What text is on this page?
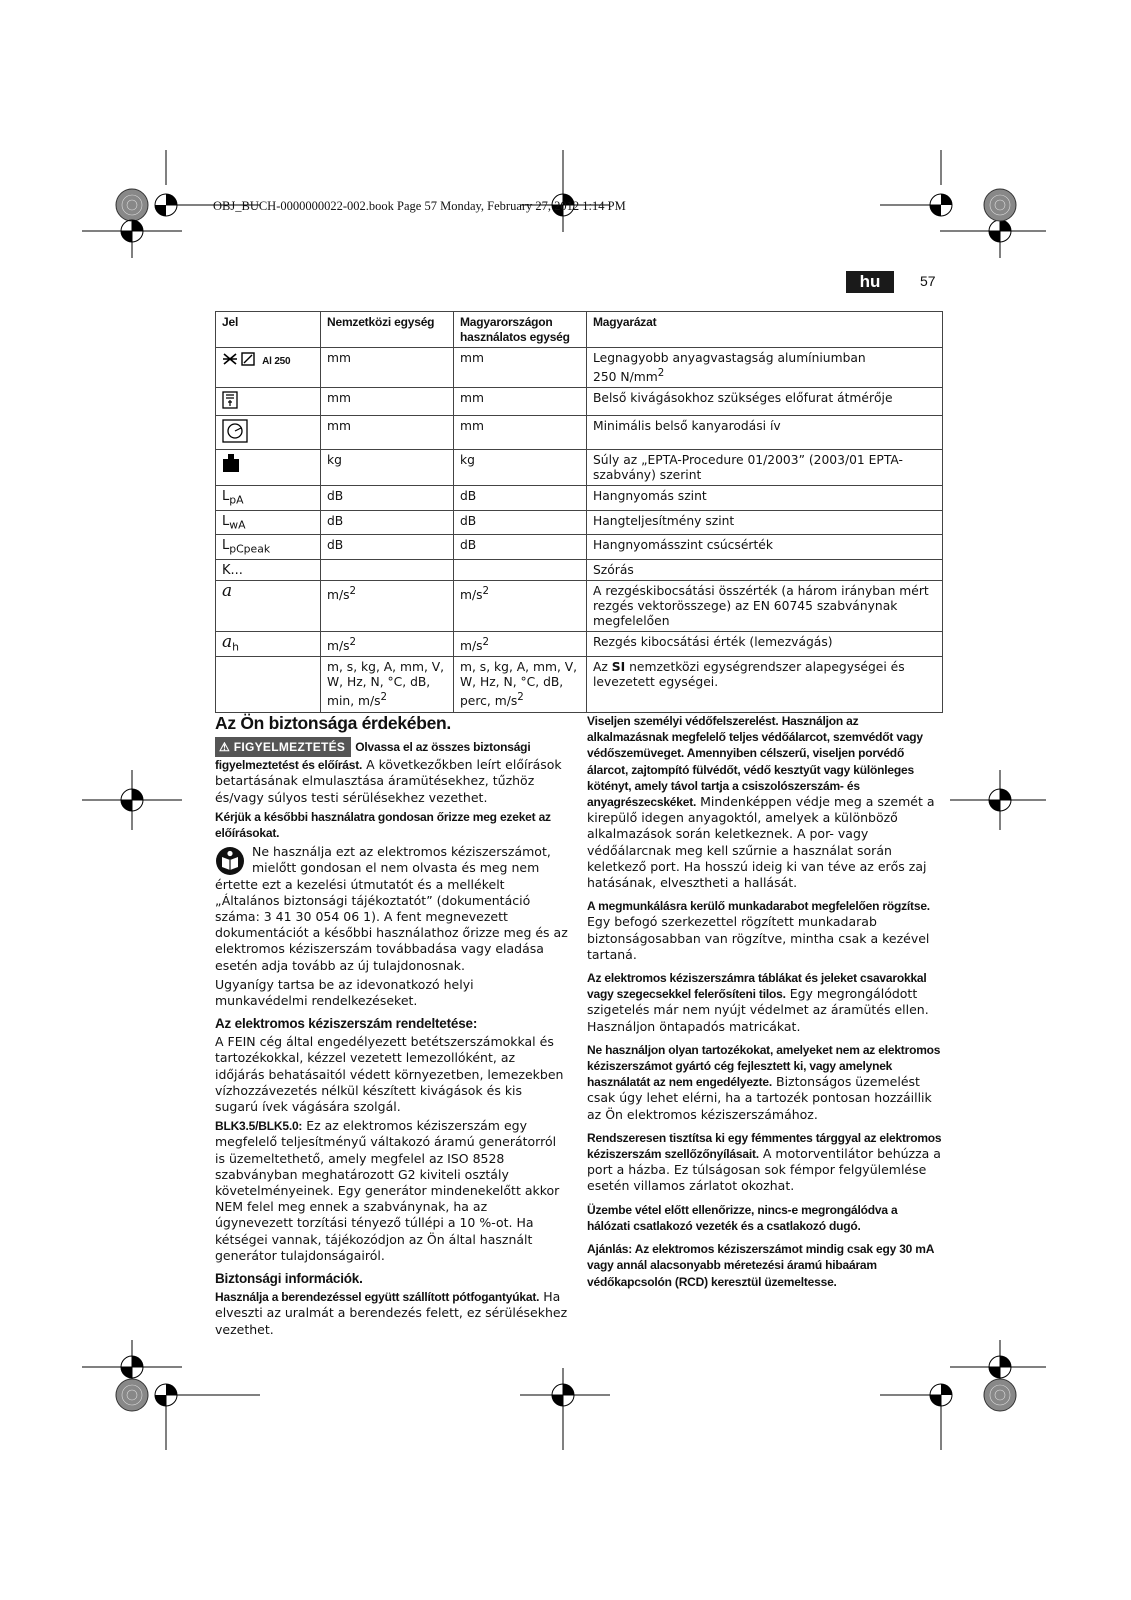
OBJ_BUCH-0000000022-002.book Page 57 Monday, February 27, 2012 1:14 PM
hu	57
Jel	Nemzetközi egység	Magyarországon használatos egység	Magyarázat
$^{Al 250}$	mm	mm	Legnagyobb anyagvastagság alumíniumban
250 $N/mm^2$
	mm	mm	Belső kivágásokhoz szükséges előfurat átmérője
	mm	mm	Minimális belső kanyarodási ív
	kg	kg	Súly az „EPTA-Procedure 01/2003” (2003/01 EPTA-szabvány) szerint
$L_{pA}$	dB	dB	Hangnyomás szint
$L_{wA}$	dB	dB	Hangteljesítmény szint
$L_{pCpeak}$	dB	dB	Hangnyomásszint csúcsérték
K...			Szórás
a	$m/s^2$	$m/s^2$	A rezgéskibocsátási összérték (a három irányban mért rezgés vektorösszege) az EN 60745 szabványnak megfelelően
$a_h$	$m/s^2$	$m/s^2$	Rezgés kibocsátási érték (lemezvágás)
	m, s, kg, A, mm, V, W, Hz, N, °C, dB, min, $m/s^2$	m, s, kg, A, mm, V, W, Hz, N, °C, dB, perc, $m/s^2$	Az SI nemzetközi egységrendszer alapegységei és levezetett egységei.
Az Ön biztonsága érdekében.

⚠ FIGYELMEZTETÉS Olvassa el az összes biztonsági figyelmeztetést és előírást. A következőkben leírt előírások betartásának elmulasztása áramütésekhez, tűzhöz és/vagy súlyos testi sérülésekhez vezethet.

Kérjük a későbbi használatra gondosan őrizze meg ezeket az előírásokat.

Ne használja ezt az elektromos kéziszerszámot, mielőtt gondosan el nem olvasta és meg nem értette ezt a kezelési útmutatót és a mellékelt „Általános biztonsági tájékoztatót” (dokumentáció száma: 3 41 30 054 06 1). A fent megnevezett dokumentációt a későbbi használathoz őrizze meg és az elektromos kéziszerszám továbbadása vagy eladása esetén adja tovább az új tulajdonosnak.

Ugyanígy tartsa be az idevonatkozó helyi munkavédelmi rendelkezéseket.

Az elektromos kéziszerszám rendeltetése:

A FEIN cég által engedélyezett betétszerszámokkal és tartozékokkal, kézzel vezetett lemezollóként, az időjárás behatásaitól védett környezetben, lemezekben vízhozzávezetés nélkül készített kivágások és kis sugarú ívek vágására szolgál.

BLK3.5/BLK5.0: Ez az elektromos kéziszerszám egy megfelelő teljesítményű váltakozó áramú generátorról is üzemeltethető, amely megfelel az ISO 8528 szabványban meghatározott G2 kiviteli osztály követelményeinek. Egy generátor mindenekelőtt akkor NEM felel meg ennek a szabványnak, ha az úgynevezett torzítási tényező túllépi a 10 %-ot. Ha kétségei vannak, tájékozódjon az Ön által használt generátor tulajdonságairól.

Biztonsági információk.

Használja a berendezéssel együtt szállított pótfogantyúkat. Ha elveszti az uralmát a berendezés felett, ez sérülésekhez vezethet.

Viseljen személyi védőfelszerelést. Használjon az alkalmazásnak megfelelő teljes védőálarcot, szemvédőt vagy védőszemüveget. Amennyiben célszerű, viseljen porvédő álarcot, zajtompító fülvédőt, védő kesztyűt vagy különleges kötényt, amely távol tartja a csiszolószerszám- és anyagrészecskéket. Mindenképpen védje meg a szemét a kirepülő idegen anyagoktól, amelyek a különböző alkalmazások során keletkeznek. A por- vagy védőálarcnak meg kell szűrnie a használat során keletkező port. Ha hosszú ideig ki van téve az erős zaj hatásának, elvesztheti a hallását.

A megmunkálásra kerülő munkadarabot megfelelően rögzítse. Egy befogó szerkezettel rögzített munkadarab biztonságosabban van rögzítve, mintha csak a kezével tartaná.

Az elektromos kéziszerszámra táblákat és jeleket csavarokkal vagy szegecsekkel felerősíteni tilos. Egy megrongálódott szigetelés már nem nyújt védelmet az áramütés ellen. Használjon öntapadós matricákat.

Ne használjon olyan tartozékokat, amelyeket nem az elektromos kéziszerszámot gyártó cég fejlesztett ki, vagy amelynek használatát az nem engedélyezte. Biztonságos üzemelést csak úgy lehet elérni, ha a tartozék pontosan hozzáillik az Ön elektromos kéziszerszámához.

Rendszeresen tisztítsa ki egy fémmentes tárggyal az elektromos kéziszerszám szellőzőnyílásait. A motorventilátor behúzza a port a házba. Ez túlságosan sok fémpor felgyülemlése esetén villamos zárlatot okozhat.

Üzembe vétel előtt ellenőrizze, nincs-e megrongálódva a hálózati csatlakozó vezeték és a csatlakozó dugó.

Ajánlás: Az elektromos kéziszerszámot mindig csak egy 30 mA vagy annál alacsonyabb méretezési áramú hibaáram védőkapcsolón (RCD) keresztül üzemeltesse.
